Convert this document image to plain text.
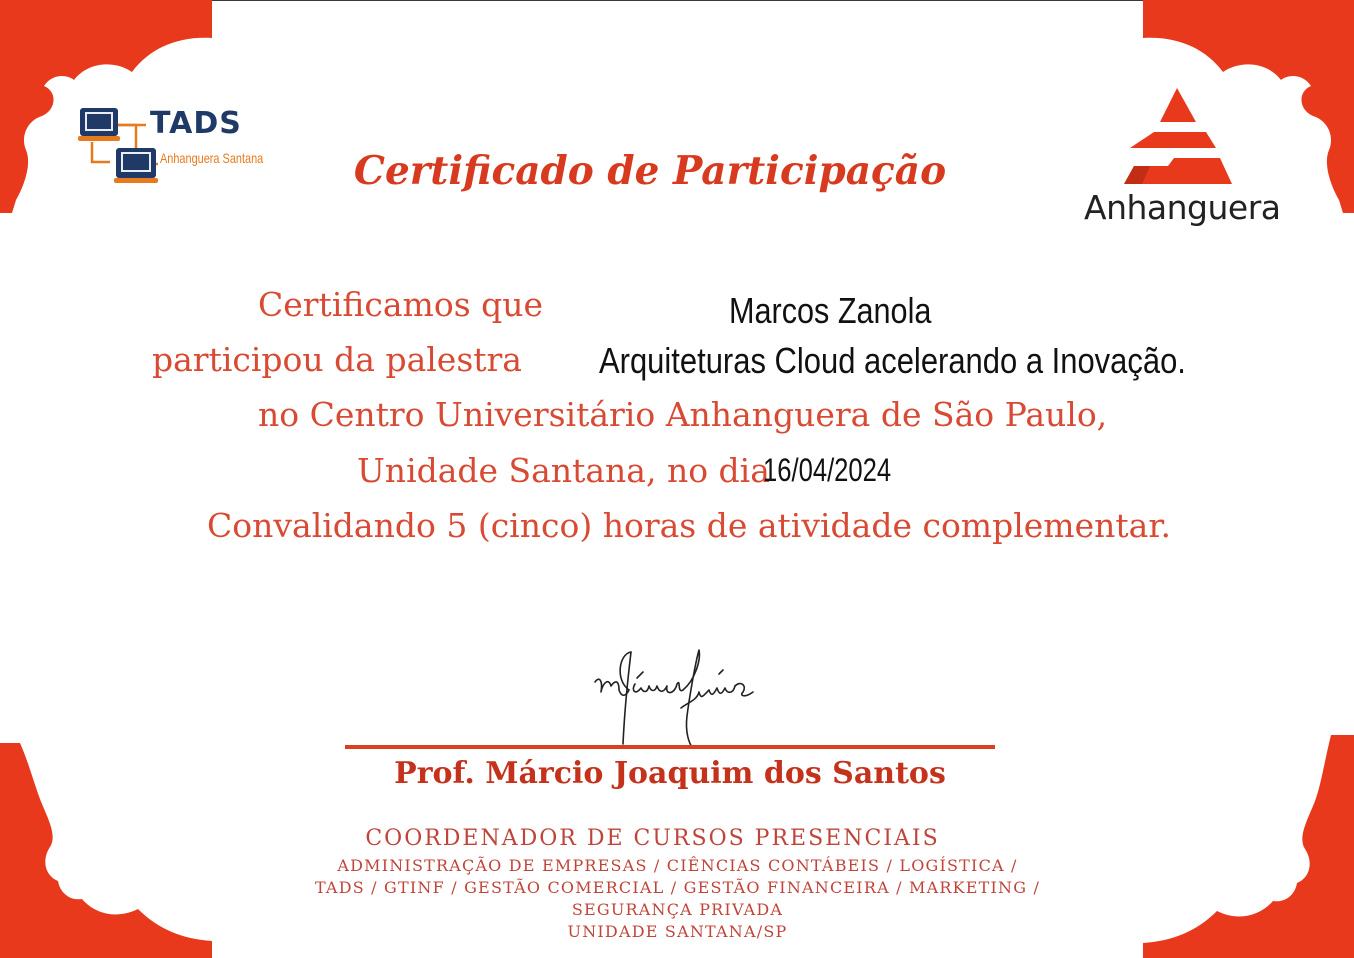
TADS
Anhanguera Santana	Certificado de Participação
Anhanguera
Certificamos que	Marcos Zanola
participou da palestra Arquiteturas Cloud acelerando a Inovação.
no Centro Universitário Anhanguera de São Paulo,
Unidade Santana, no dia
16/04/2024
Convalidando 5 (cinco) horas de atividade complementar.
Prof. Márcio Joaquim dos Santos
COORDENADOR DE CURSOS PRESENCIAIS
ADMINISTRAÇÃO DE EMPRESAS / CIÊNCIAS CONTÁBEIS / LOGÍSTICA /
TADS / GTINF / GESTÃO COMERCIAL / GESTÃO FINANCEIRA / MARKETING /
SEGURANÇA PRIVADA
UNIDADE SANTANA/SP
